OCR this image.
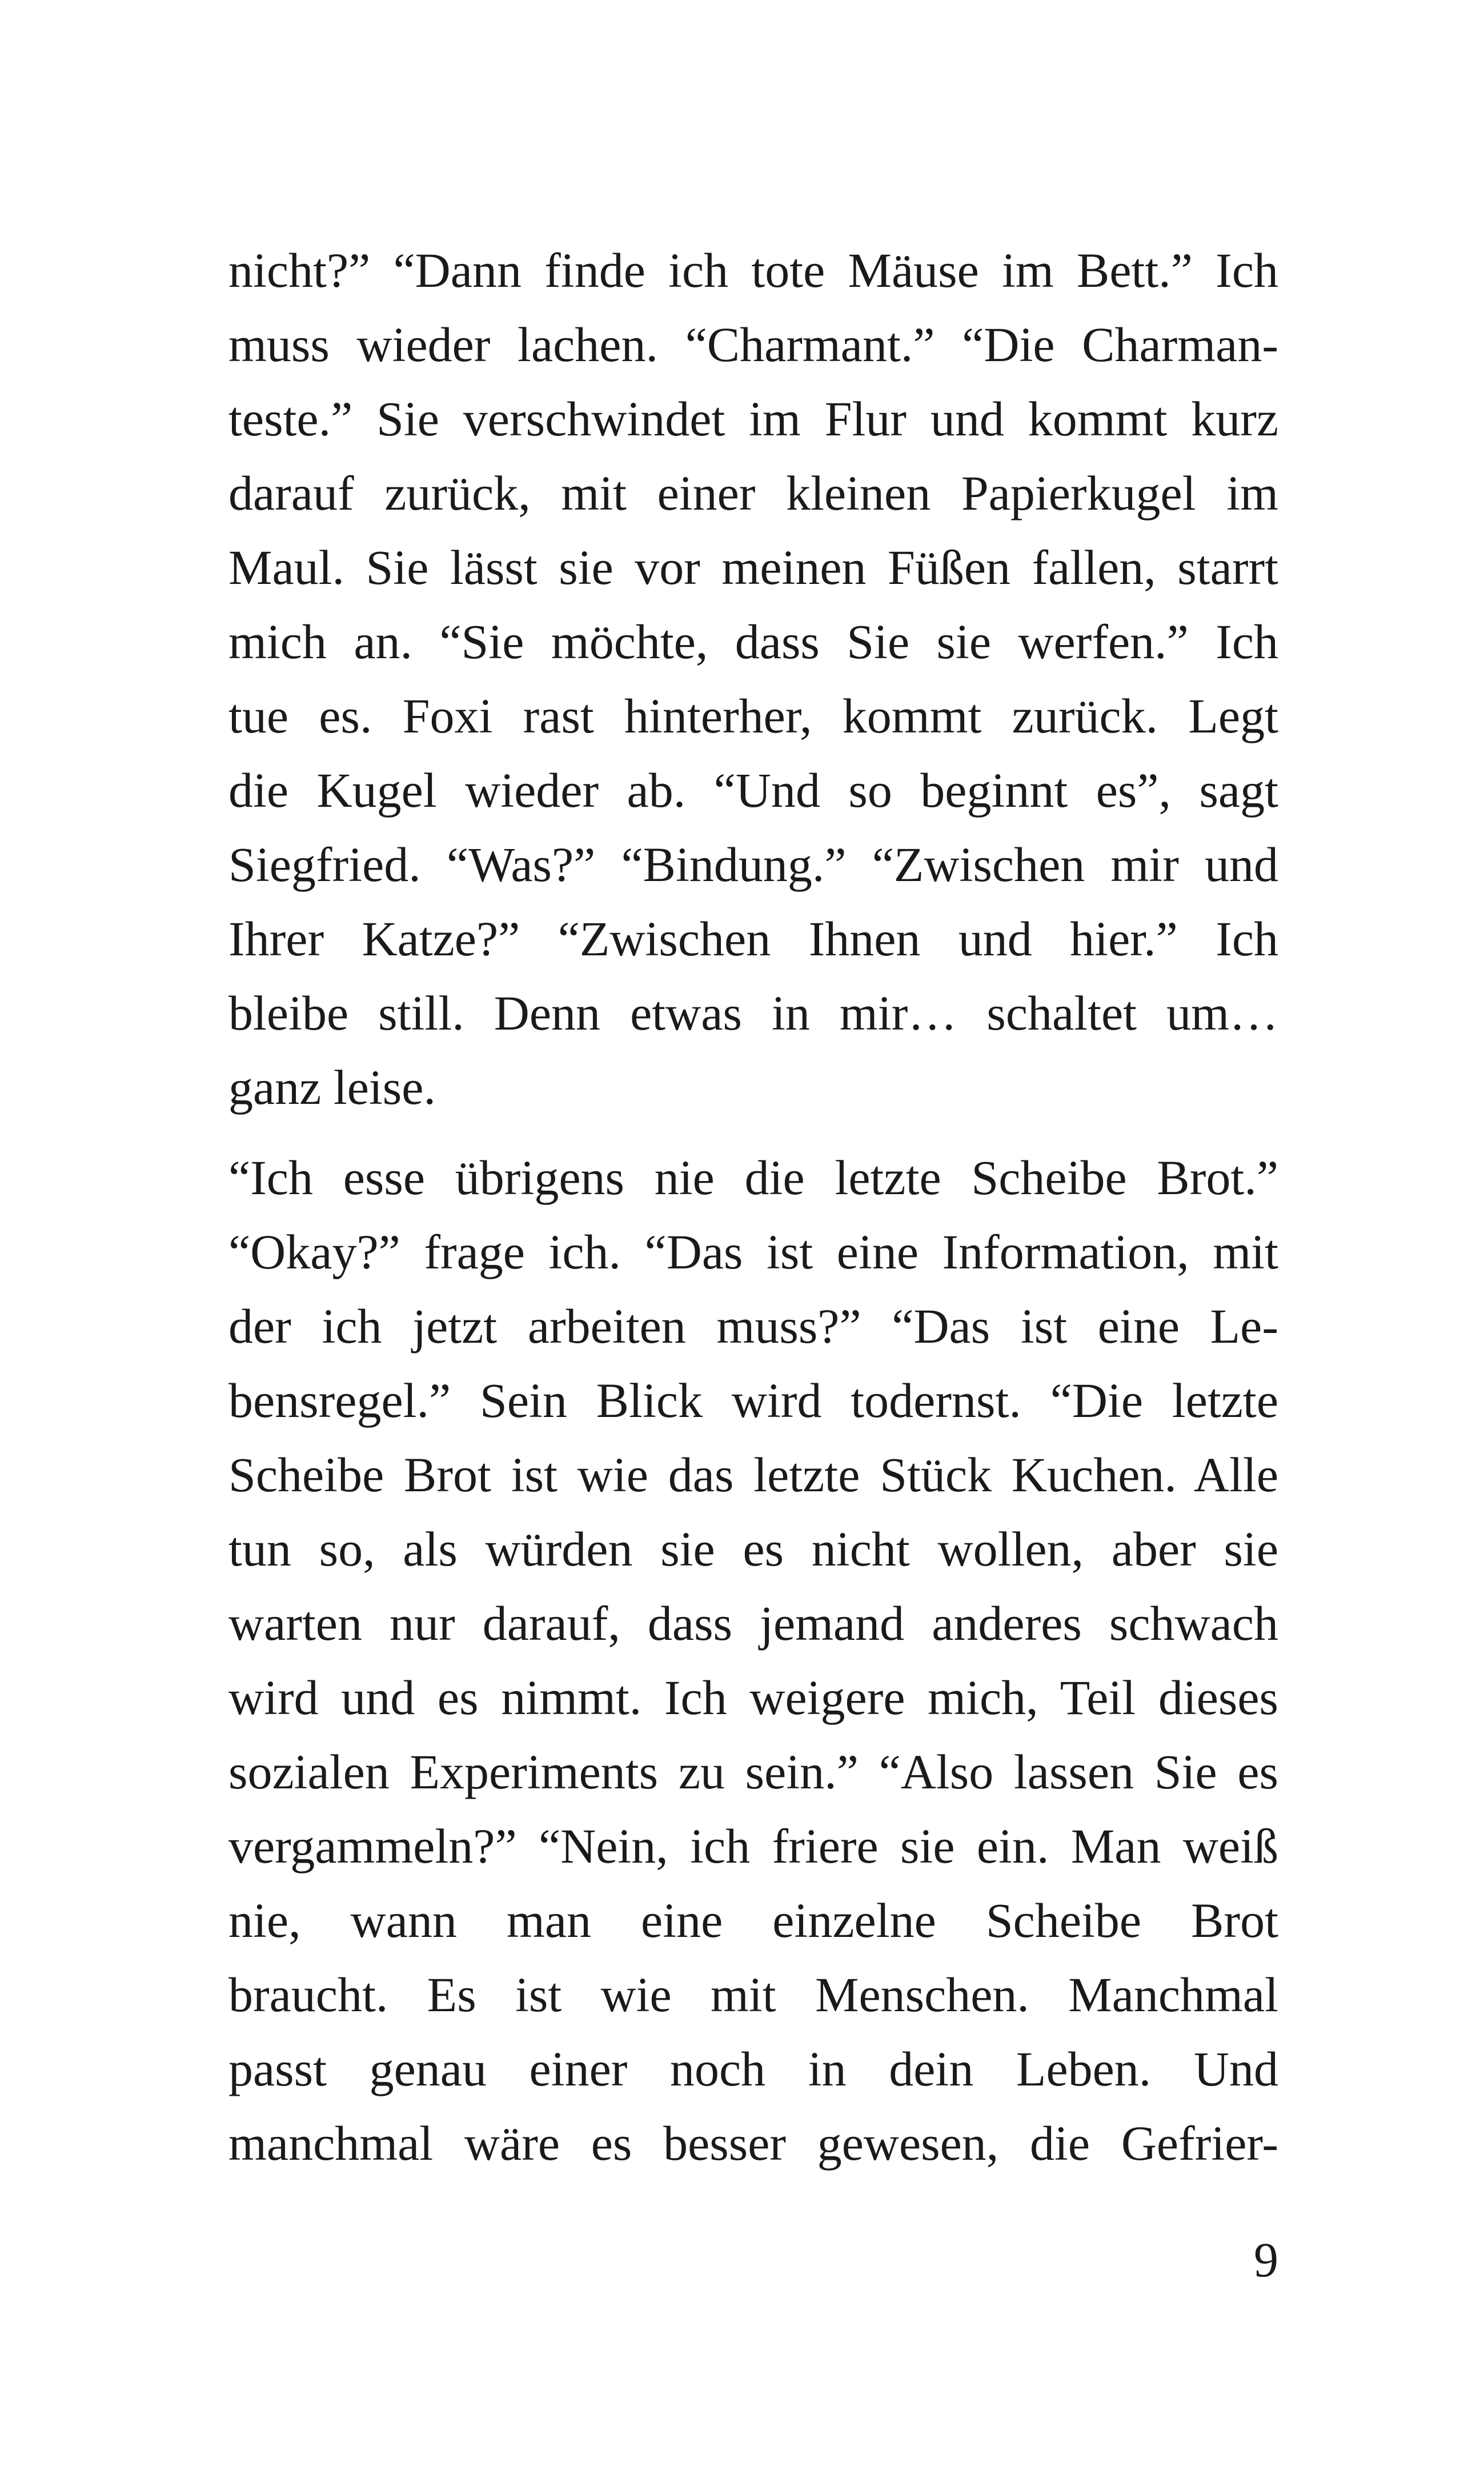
nicht?” “Dann finde ich tote Mäuse im Bett.” Ich
muss wieder lachen. “Charmant.” “Die Charman-
teste.” Sie verschwindet im Flur und kommt kurz
darauf zurück, mit einer kleinen Papierkugel im
Maul. Sie lässt sie vor meinen Füßen fallen, starrt
mich an. “Sie möchte, dass Sie sie werfen.” Ich
tue es. Foxi rast hinterher, kommt zurück. Legt
die Kugel wieder ab. “Und so beginnt es”, sagt
Siegfried. “Was?” “Bindung.” “Zwischen mir und
Ihrer Katze?” “Zwischen Ihnen und hier.” Ich
bleibe still. Denn etwas in mir… schaltet um…
ganz leise.
“Ich esse übrigens nie die letzte Scheibe Brot.”
“Okay?” frage ich. “Das ist eine Information, mit
der ich jetzt arbeiten muss?” “Das ist eine Le-
bensregel.” Sein Blick wird todernst. “Die letzte
Scheibe Brot ist wie das letzte Stück Kuchen. Alle
tun so, als würden sie es nicht wollen, aber sie
warten nur darauf, dass jemand anderes schwach
wird und es nimmt. Ich weigere mich, Teil dieses
sozialen Experiments zu sein.” “Also lassen Sie es
vergammeln?” “Nein, ich friere sie ein. Man weiß
nie, wann man eine einzelne Scheibe Brot
braucht. Es ist wie mit Menschen. Manchmal
passt genau einer noch in dein Leben. Und
manchmal wäre es besser gewesen, die Gefrier-
9
